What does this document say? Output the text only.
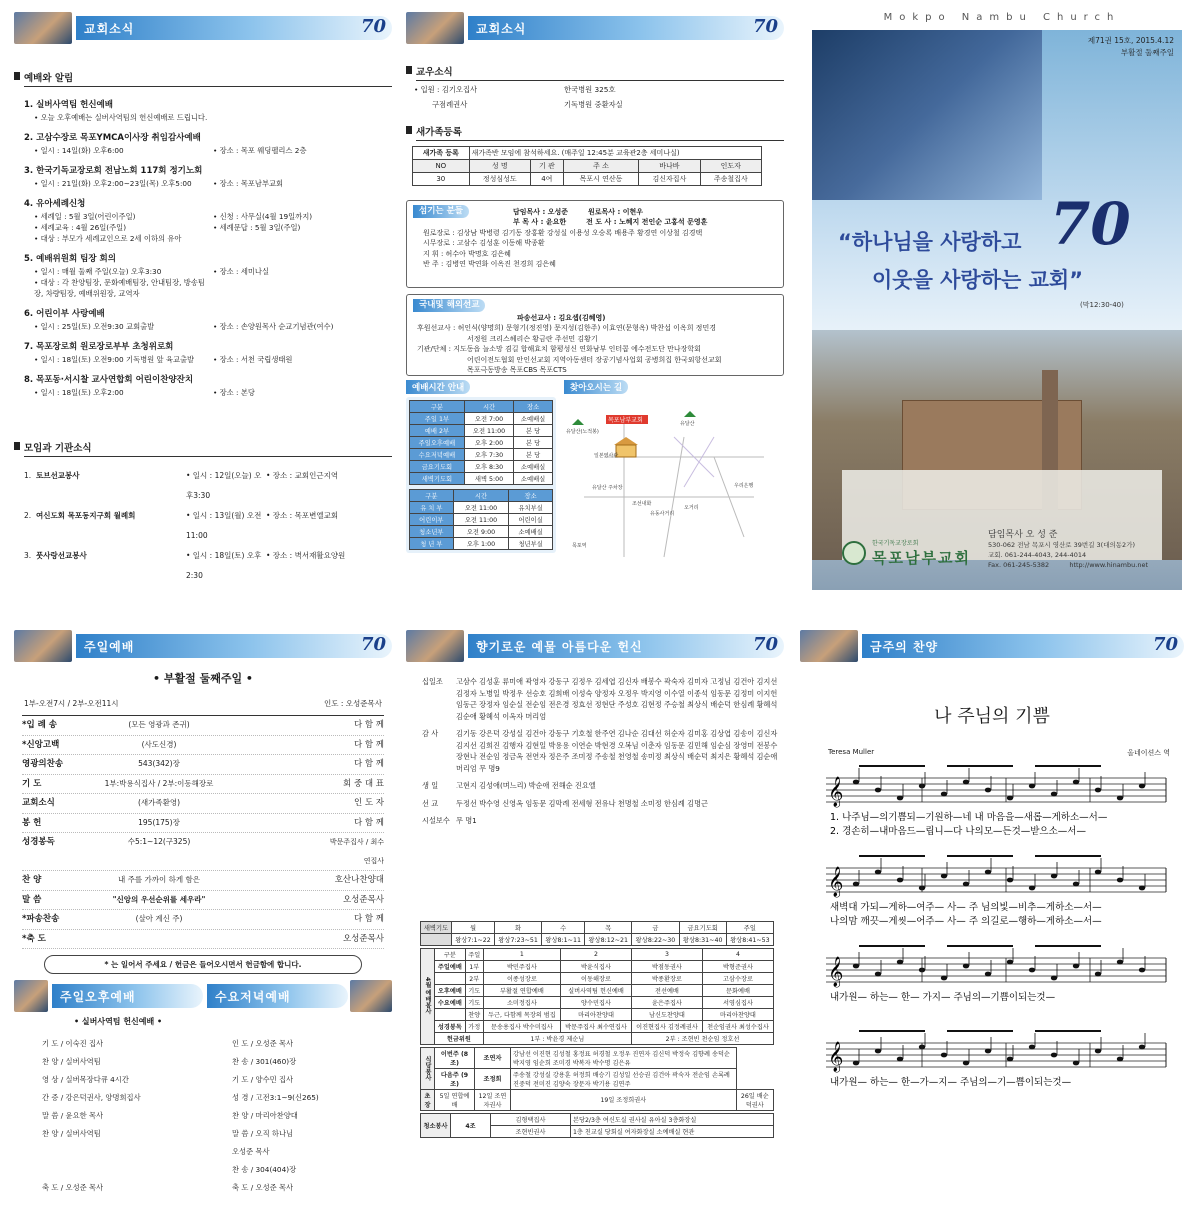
교회소식	70
예배와 알림
1. 실버사역팀 헌신예배
• 오늘 오후예배는 실버사역팀의 헌신예배로 드립니다.
2. 고삼수장로 목포YMCA이사장 취임감사예배
• 일시 : 14일(화) 오후6:00	• 장소 : 목포 웨딩펠리스 2층
3. 한국기독교장로회 전남노회 117회 정기노회
• 일시 : 21일(화) 오후2:00~23일(목) 오후5:00	• 장소 : 목포남부교회
4. 유아세례신청
• 세례일 : 5월 3일(어린이주일)	• 신청 : 사무실(4월 19일까지)
• 세례교육 : 4월 26일(주일)	• 세례문답 : 5월 3일(주일)
• 대상 : 부모가 세례교인으로 2세 이하의 유아
5. 예배위원회 팀장 회의
• 일시 : 매월 둘째 주일(오늘) 오후3:30	• 장소 : 세미나실
• 대상 : 각 찬양팀장, 문화예배팀장, 안내팀장, 방송팀장, 차량팀장, 예배위원장, 교역자
6. 어린이부 사랑예배
• 일시 : 25일(토) 오전9:30 교회출발	• 장소 : 손양원목사 순교기념관(여수)
7. 목포장로회 원로장로부부 초청위로회
• 일시 : 18일(토) 오전9:00 기독병원 앞 육교출발	• 장소 : 서천 국립생태원
8. 목포동·서시찰 교사연합회 어린이찬양잔치
• 일시 : 18일(토) 오후2:00	• 장소 : 본당
모임과 기관소식
1. 토브선교봉사	• 일시 : 12일(오늘) 오후3:30
• 장소 : 교회인근지역
2. 여신도회 목포동지구회 월례회	• 일시 : 13일(월) 오전11:00
• 장소 : 목포변엘교회
3. 풋사랑선교봉사	• 일시 : 18일(토) 오후2:30
• 장소 : 벽서재활요양원
교회소식	70
교우소식
• 입원 : 김기오집사	한국병원 325호
구점례권사	기독병원 중환자실
새가족등록
새가족 등록	새가족반 모임에 참석하세요. (매주일 12:45분 교육관2층 세미나실)				
NO	성 명	기 관	주 소	바나바	인도자
30	정성심성도	4여	목포시 연산동	김신자집사	주송철집사
섬기는 분들	담임목사 : 오성준	원로목사 : 이현우
부 목 사 : 윤요한	전 도 사 : 노혜지 전인순 고홍석 문영훈
원로장로 : 김상남 박병령 김기동 장홍환 강성실 이용성 오승록 배용주 황경연 이상철 김경택
시무장로 : 고삼수 김성훈 이동해 박종환
지 휘 : 허수아 박명호 김은혜
반 주 : 김병연 박연화 이옥진 천경희 김은혜
국내및 해외선교
파송선교사 : 김요셉(김혜영)
후원선교사 : 허인식(양명희) 문형기(정진영) 문지성(김한주) 이효연(문형옥) 박찬섭 이옥희 정민경
서정원 크리스헤리슨 황금란 주선민 김황기
기관/단체 : 지도동읍 늘소망 겸길 합해효치 함평성신 연화남부 인터콥 에수전도단 만나장학회
어린이전도협회 안인선교회 지역아동센터 장공기념사업회 공병희집 한국외항선교회
목포극동방송 목포CBS 목포CTS
예배시간 안내
구분	시간	장소
주일 1부	오전 7:00	소예배실
예배 2부	오전 11:00	본 당
주일오후예배	오후 2:00	본 당
수요저녁예배	오후 7:30	본 당
금요기도회	오후 8:30	소예배실
새벽기도회	새벽 5:00	소예배실
구분	시간	장소
유 치 부	오전 11:00	유치부실
어린이부	오전 11:00	어린이실
청소년부	오전 9:00	소예배실
청 년 부	오후 1:00	청년부실
찾아오시는 길
목포남부교회
유달산(노적봉)
일본영사관
유달산
유달산 주차장
조선내화
유동사거리
오거리
목포역
우리은행
Mokpo Nambu Church
제71권 15호, 2015.4.12
부활절 둘째주일
70
“하나님을 사랑하고
이웃을 사랑하는 교회”
(막12:30-40)
한국기독교장로회
목포남부교회
담임목사 오 성 준
530-062 전남 목포시 영산로 39번길 3(대의동2가)
교회. 061-244-4043, 244-4014
Fax. 061-245-5382	http://www.hinambu.net
주일예배	70
• 부활절 둘째주일 •
1부-오전7시 / 2부-오전11시	인도 : 오성준목사
*입 례 송	(모든 영광과 존귀)	다 함 께
*신앙고백	(사도신경)	다 함 께
영광의찬송	543(342)장	다 함 께
기 도	1부:박용식집사 / 2부:이동해장로	회 중 대 표
교회소식	(새가족환영)	인 도 자
봉 헌	195(175)장	다 함 께
성경봉독	수5:1~12(구325)	박문주집사 / 최수연집사
찬 양	내 주를 가까이 하게 함은	호산나찬양대
말 씀	"신앙의 우선순위를 세우라"	오성준목사
*파송찬송	(살아 계신 주)	다 함 께
*축 도	오성준목사
* 는 일어서 주세요 / 헌금은 들어오시면서 헌금함에 합니다.
주일오후예배	수요저녁예배
• 실버사역팀 헌신예배 •
기 도 / 이숙진 집사	인 도 / 오성준 목사
찬 양 / 실버사역팀	찬 송 / 301(460)장
영 상 / 실버목장다큐 4시간	기 도 / 양수민 집사
간 증 / 강은덕권사, 양명희집사	성 경 / 고전3:1~9(신265)
말 씀 / 윤요한 목사	찬 양 / 마리아찬양대
찬 양 / 실버사역팀	말 씀 / 오직 하나님
오성준 목사
찬 송 / 304(404)장
축 도 / 오성준 목사	축 도 / 오성준 목사
향기로운 예물 아름다운 헌신	70
십일조	고삼수 김성훈 류미애 곽영자 강동구 김정우 김세엽 김신자 배봉수 곽숙자 김미자 고정님 김건아 김지선 김정자 노병일 박정우 선승호 김희배 이성숙 양정자 오정우 박지영 이수열 이종석 임동문 김정미 이지헌 임동근 장정자 임순실 전순임 전은경 정효선 정현단 주성호 김현정 주승철 최상식 배순덕 한심례 황혜석 김순애 황혜석 이옥자 머리엄
감 사	김기동 강은덕 강성실 김건아 강동구 기호철 한주연 김나순 김대선 허순자 김미홍 김상엽 김송이 김신자 김지선 김희진 김행자 김현일 박용용 이연순 박현경 오복님 이춘자 임동문 김민해 임순심 장영미 전봉수 장현나 전순임 정금옥 전연자 정은주 조미정 주송철 천영철 송미정 최상식 배순덕 최지은 황혜석 김순애 머리엄 무 명9
생 일	고현지 김성애(며느리) 박순애 전해순 진요엘
선 교	두정선 박수영 신영옥 임동문 김막례 전세형 전유나 천명철 소미정 한심례 김명근
시설보수 무 명1
새벽기도	월	화	수	목	금	금요기도회	주일
	왕상7:1~22	왕상7:23~51	왕상8:1~11	왕상8:12~21	왕상8:22~30	왕상8:31~40	왕상8:41~53
4월 예배봉사	구분	주일	1	2	3	4
	주일예배	1부	박민주집사	박윤식집사	박점동권사	박형준권사
		2부	이종성장로	이동해장로	박종환장로	고삼수장로
	오후예배	기도	부활절 연합예배	실버사역팀 헌신예배	전선예배	문화예배
	수요예배	기도	소미정집사	양수민집사	윤은주집사	서영심집사
		찬양	두근, 다함께 목장의 범집	마리아찬양대	남신도찬양대	마리아찬양대
	성경봉독	가정	문송용집사 박수미집사	박문주집사 최수연집사	이진현집사 김정례권사	천순임권사 최성수집사
	헌금위원		1부 : 박윤경 제순님		2부 : 조현빈 천순임 정호선	
식당봉사	이번주 (8조)	조연자	강남선 이진현 김성철 홍정표 허경철 오정우 진연자 김신덕 박정숙 김향례 송덕순 박지영 임순희 조미경 박복자 박수명 김은유	
	다음주 (9조)	조정희	주송철 강성실 강용훈 허정희 배승기 김성일 선승권 김건아 곽숙자 전순임 손록례 진중덕 전미진 김양숙 장문자 박기용 김연주	
초장	5일 연합예배	12일 조연자권사	19일 조정희권사	26일 배순덕권사
청소봉사	4조	김형택집사	본당2/3층 여신도실 권사실 유아실 3층화장실
		조현빈권사	1층 친교실 당회실 여자화장실 소예배실 현관
금주의 찬양	70
나 주님의 기쁨
Teresa Muller	올네이션스 역
𝄞
1. 나주님—의기쁨되—기원하—네 내 마음을—새롭—게하소—서—
2. 경손히—내마음드—립니—다 나의모—든것—받으소—서—
𝄞
새벽대 가되—게하—여주— 사— 주 님의빛—비추—게하소—서—
나의맘 깨끗—게씻—어주— 사— 주 의길로—행하—게하소—서—
𝄞
내가원— 하는— 한— 가지— 주님의—기쁨이되는것—
𝄞
내가원— 하는— 한—가—지— 주님의—기—쁨이되는것—
